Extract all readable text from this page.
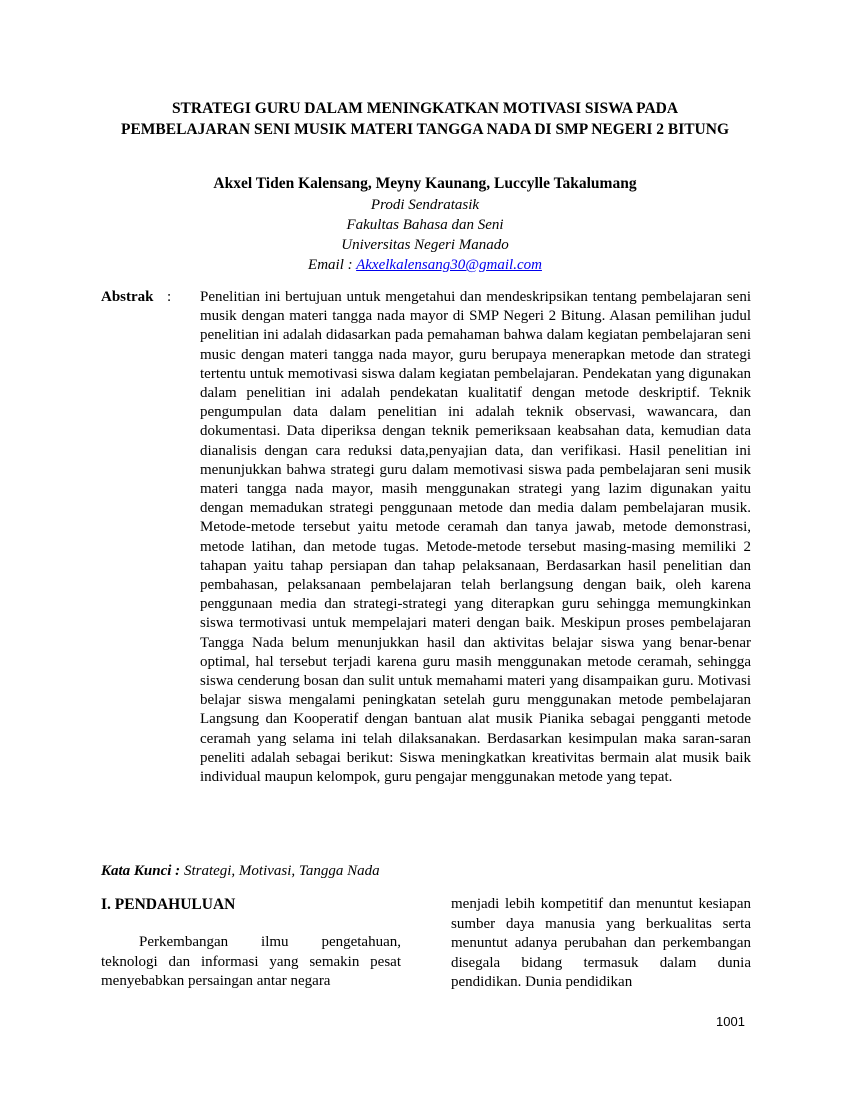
STRATEGI GURU DALAM MENINGKATKAN MOTIVASI SISWA PADA PEMBELAJARAN SENI MUSIK MATERI TANGGA NADA DI SMP NEGERI 2 BITUNG
Akxel Tiden Kalensang, Meyny Kaunang, Luccylle Takalumang
Prodi Sendratasik
Fakultas Bahasa dan Seni
Universitas Negeri Manado
Email : Akxelkalensang30@gmail.com
Abstrak : Penelitian ini bertujuan untuk mengetahui dan mendeskripsikan tentang pembelajaran seni musik dengan materi tangga nada mayor di SMP Negeri 2 Bitung. Alasan pemilihan judul penelitian ini adalah didasarkan pada pemahaman bahwa dalam kegiatan pembelajaran seni music dengan materi tangga nada mayor, guru berupaya menerapkan metode dan strategi tertentu untuk memotivasi siswa dalam kegiatan pembelajaran. Pendekatan yang digunakan dalam penelitian ini adalah pendekatan kualitatif dengan metode deskriptif. Teknik pengumpulan data dalam penelitian ini adalah teknik observasi, wawancara, dan dokumentasi. Data diperiksa dengan teknik pemeriksaan keabsahan data, kemudian data dianalisis dengan cara reduksi data,penyajian data, dan verifikasi. Hasil penelitian ini menunjukkan bahwa strategi guru dalam memotivasi siswa pada pembelajaran seni musik materi tangga nada mayor, masih menggunakan strategi yang lazim digunakan yaitu dengan memadukan strategi penggunaan metode dan media dalam pembelajaran musik. Metode-metode tersebut yaitu metode ceramah dan tanya jawab, metode demonstrasi, metode latihan, dan metode tugas. Metode-metode tersebut masing-masing memiliki 2 tahapan yaitu tahap persiapan dan tahap pelaksanaan, Berdasarkan hasil penelitian dan pembahasan, pelaksanaan pembelajaran telah berlangsung dengan baik, oleh karena penggunaan media dan strategi-strategi yang diterapkan guru sehingga memungkinkan siswa termotivasi untuk mempelajari materi dengan baik. Meskipun proses pembelajaran Tangga Nada belum menunjukkan hasil dan aktivitas belajar siswa yang benar-benar optimal, hal tersebut terjadi karena guru masih menggunakan metode ceramah, sehingga siswa cenderung bosan dan sulit untuk memahami materi yang disampaikan guru. Motivasi belajar siswa mengalami peningkatan setelah guru menggunakan metode pembelajaran Langsung dan Kooperatif dengan bantuan alat musik Pianika sebagai pengganti metode ceramah yang selama ini telah dilaksanakan. Berdasarkan kesimpulan maka saran-saran peneliti adalah sebagai berikut: Siswa meningkatkan kreativitas bermain alat musik baik individual maupun kelompok, guru pengajar menggunakan metode yang tepat.
Kata Kunci : Strategi, Motivasi, Tangga Nada
I. PENDAHULUAN
Perkembangan ilmu pengetahuan, teknologi dan informasi yang semakin pesat menyebabkan persaingan antar negara
menjadi lebih kompetitif dan menuntut kesiapan sumber daya manusia yang berkualitas serta menuntut adanya perubahan dan perkembangan disegala bidang termasuk dalam dunia pendidikan. Dunia pendidikan
1001
